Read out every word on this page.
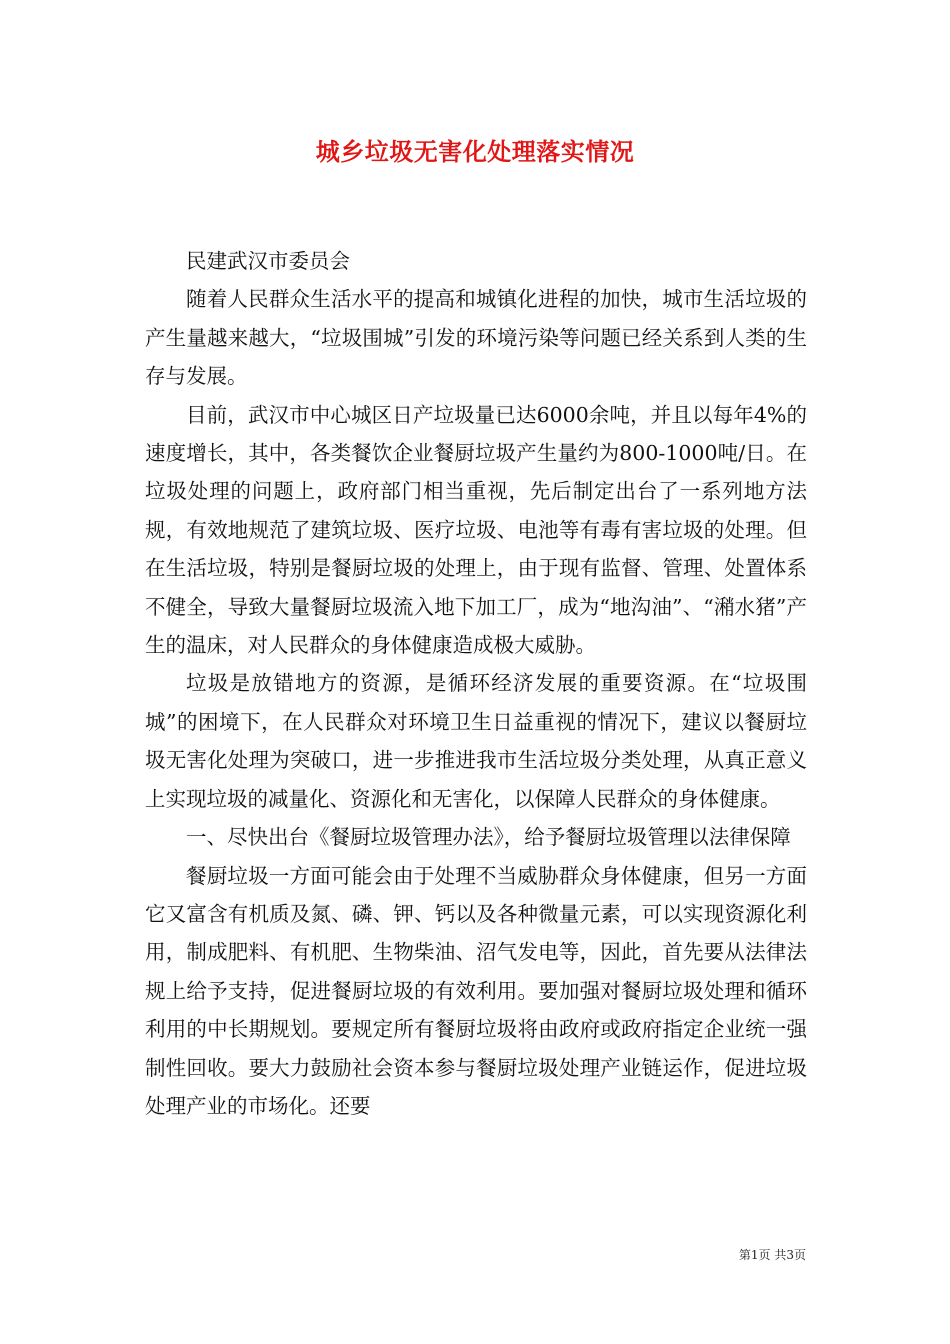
城乡垃圾无害化处理落实情况

民建武汉市委员会

随着人民群众生活水平的提高和城镇化进程的加快，城市生活垃圾的产生量越来越大，“垃圾围城”引发的环境污染等问题已经关系到人类的生存与发展。

目前，武汉市中心城区日产垃圾量已达6000余吨，并且以每年4%的速度增长，其中，各类餐饮企业餐厨垃圾产生量约为800-1000吨/日。在垃圾处理的问题上，政府部门相当重视，先后制定出台了一系列地方法规，有效地规范了建筑垃圾、医疗垃圾、电池等有毒有害垃圾的处理。但在生活垃圾，特别是餐厨垃圾的处理上，由于现有监督、管理、处置体系不健全，导致大量餐厨垃圾流入地下加工厂，成为“地沟油”、“潲水猪”产生的温床，对人民群众的身体健康造成极大威胁。

垃圾是放错地方的资源，是循环经济发展的重要资源。在“垃圾围城”的困境下，在人民群众对环境卫生日益重视的情况下，建议以餐厨垃圾无害化处理为突破口，进一步推进我市生活垃圾分类处理，从真正意义上实现垃圾的减量化、资源化和无害化，以保障人民群众的身体健康。

一、尽快出台《餐厨垃圾管理办法》，给予餐厨垃圾管理以法律保障

餐厨垃圾一方面可能会由于处理不当威胁群众身体健康，但另一方面它又富含有机质及氮、磷、钾、钙以及各种微量元素，可以实现资源化利用，制成肥料、有机肥、生物柴油、沼气发电等，因此，首先要从法律法规上给予支持，促进餐厨垃圾的有效利用。要加强对餐厨垃圾处理和循环利用的中长期规划。要规定所有餐厨垃圾将由政府或政府指定企业统一强制性回收。要大力鼓励社会资本参与餐厨垃圾处理产业链运作，促进垃圾处理产业的市场化。还要

第1页 共3页
